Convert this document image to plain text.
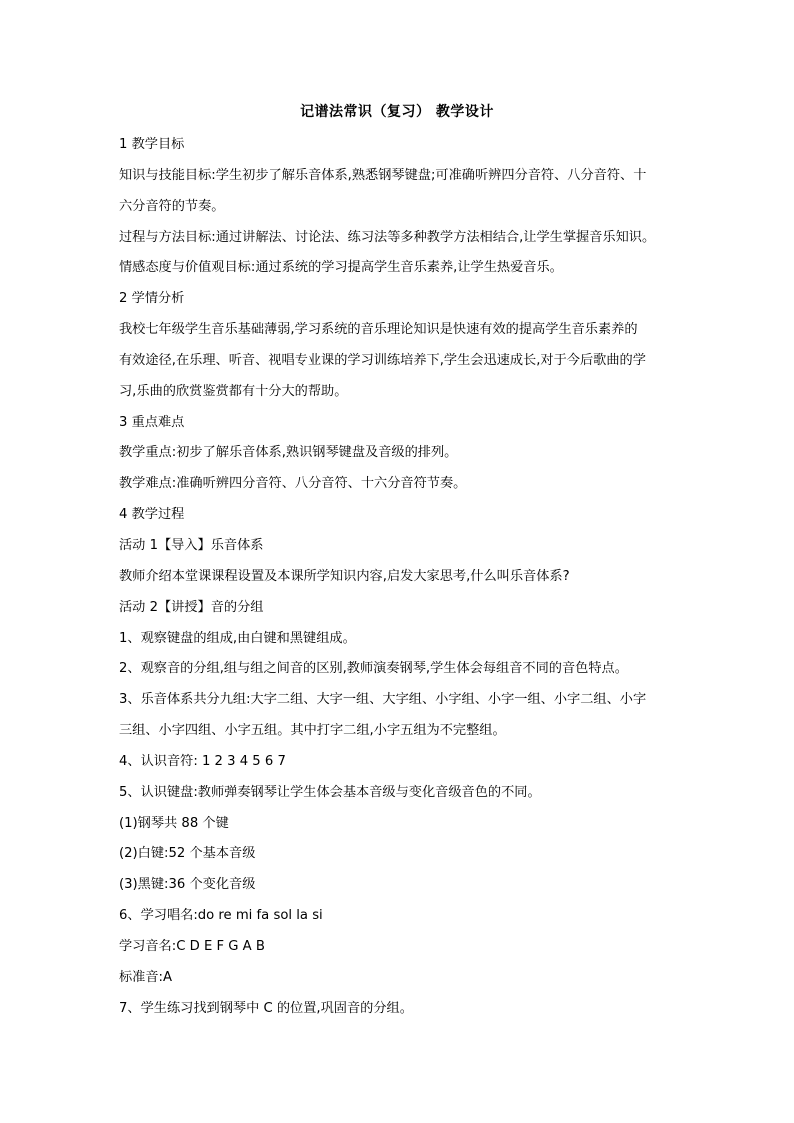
记谱法常识（复习） 教学设计
1 教学目标
知识与技能目标:学生初步了解乐音体系,熟悉钢琴键盘;可准确听辨四分音符、八分音符、十
六分音符的节奏。
过程与方法目标:通过讲解法、讨论法、练习法等多种教学方法相结合,让学生掌握音乐知识。
情感态度与价值观目标:通过系统的学习提高学生音乐素养,让学生热爱音乐。
2 学情分析
我校七年级学生音乐基础薄弱,学习系统的音乐理论知识是快速有效的提高学生音乐素养的
有效途径,在乐理、听音、视唱专业课的学习训练培养下,学生会迅速成长,对于今后歌曲的学
习,乐曲的欣赏鉴赏都有十分大的帮助。
3 重点难点
教学重点:初步了解乐音体系,熟识钢琴键盘及音级的排列。
教学难点:准确听辨四分音符、八分音符、十六分音符节奏。
4 教学过程
活动 1【导入】乐音体系
教师介绍本堂课课程设置及本课所学知识内容,启发大家思考,什么叫乐音体系?
活动 2【讲授】音的分组
1、观察键盘的组成,由白键和黑键组成。
2、观察音的分组,组与组之间音的区别,教师演奏钢琴,学生体会每组音不同的音色特点。
3、乐音体系共分九组:大字二组、大字一组、大字组、小字组、小字一组、小字二组、小字
三组、小字四组、小字五组。其中打字二组,小字五组为不完整组。
4、认识音符: 1 2 3 4 5 6 7
5、认识键盘:教师弹奏钢琴让学生体会基本音级与变化音级音色的不同。
(1)钢琴共 88 个键
(2)白键:52 个基本音级
(3)黑键:36 个变化音级
6、学习唱名:do re mi fa sol la si
学习音名:C D E F G A B
标准音:A
7、学生练习找到钢琴中 C 的位置,巩固音的分组。
